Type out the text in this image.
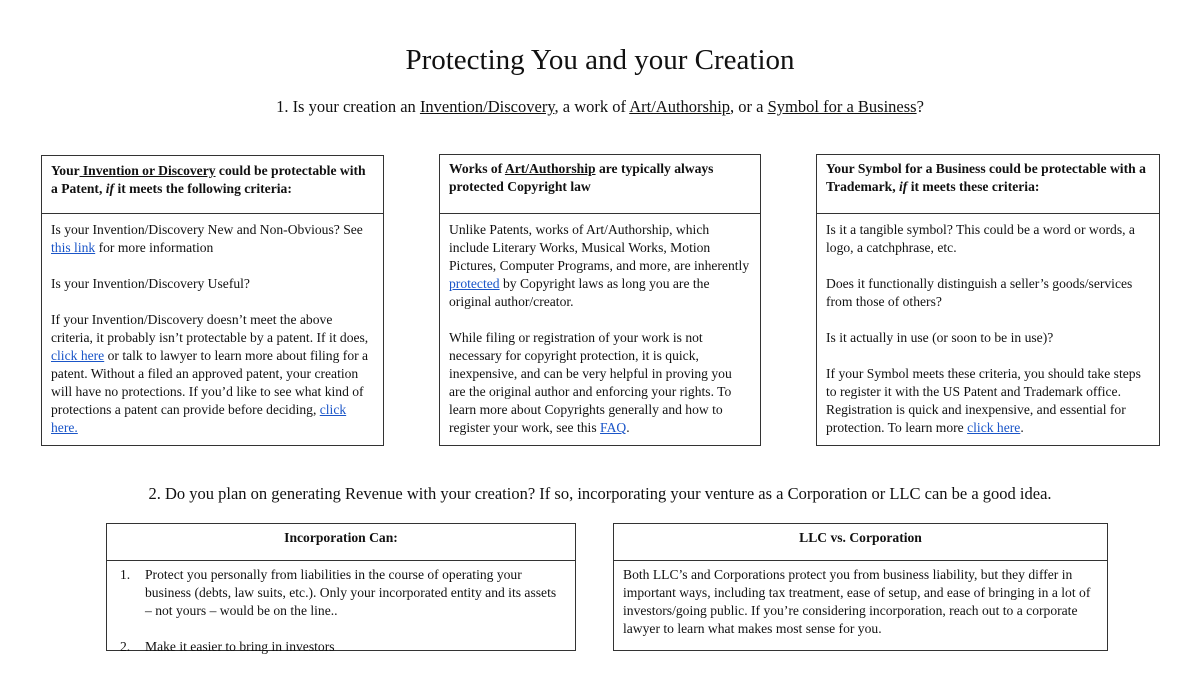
Protecting You and your Creation
1. Is your creation an Invention/Discovery, a work of Art/Authorship, or a Symbol for a Business?
Your Invention or Discovery could be protectable with a Patent, if it meets the following criteria:

Is your Invention/Discovery New and Non-Obvious? See this link for more information

Is your Invention/Discovery Useful?

If your Invention/Discovery doesn’t meet the above criteria, it probably isn’t protectable by a patent. If it does, click here or talk to lawyer to learn more about filing for a patent. Without a filed an approved patent, your creation will have no protections. If you’d like to see what kind of protections a patent can provide before deciding, click here.

Works of Art/Authorship are typically always protected Copyright law

Unlike Patents, works of Art/Authorship, which include Literary Works, Musical Works, Motion Pictures, Computer Programs, and more, are inherently protected by Copyright laws as long you are the original author/creator.

While filing or registration of your work is not necessary for copyright protection, it is quick, inexpensive, and can be very helpful in proving you are the original author and enforcing your rights. To learn more about Copyrights generally and how to register your work, see this FAQ.

Your Symbol for a Business could be protectable with a Trademark, if it meets these criteria:

Is it a tangible symbol? This could be a word or words, a logo, a catchphrase, etc.

Does it functionally distinguish a seller’s goods/services from those of others?

Is it actually in use (or soon to be in use)?

If your Symbol meets these criteria, you should take steps to register it with the US Patent and Trademark office. Registration is quick and inexpensive, and essential for protection. To learn more click here.

2. Do you plan on generating Revenue with your creation? If so, incorporating your venture as a Corporation or LLC can be a good idea.
Incorporation Can:
1. Protect you personally from liabilities in the course of operating your business (debts, law suits, etc.). Only your incorporated entity and its assets – not yours – would be on the line..
2. Make it easier to bring in investors
LLC vs. Corporation
Both LLC’s and Corporations protect you from business liability, but they differ in important ways, including tax treatment, ease of setup, and ease of bringing in a lot of investors/going public. If you’re considering incorporation, reach out to a corporate lawyer to learn what makes most sense for you.
